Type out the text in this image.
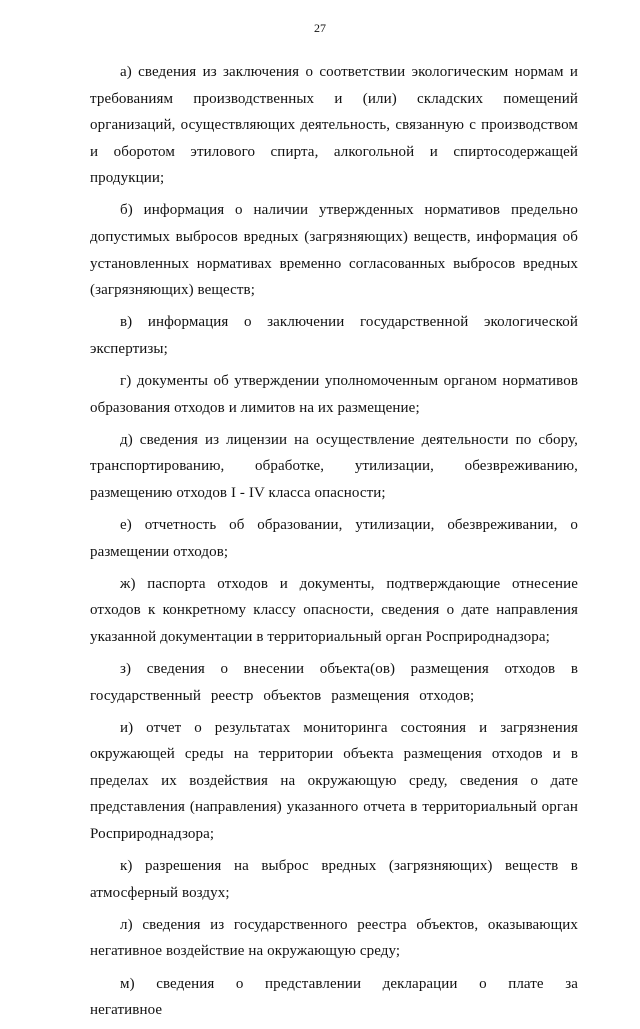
27

а) сведения из заключения о соответствии экологическим нормам и требованиям производственных и (или) складских помещений организаций, осуществляющих деятельность, связанную с производством и оборотом этилового спирта, алкогольной и спиртосодержащей продукции;

б) информация о наличии утвержденных нормативов предельно допустимых выбросов вредных (загрязняющих) веществ, информация об установленных нормативах временно согласованных выбросов вредных (загрязняющих) веществ;

в) информация о заключении государственной экологической экспертизы;

г) документы об утверждении уполномоченным органом нормативов образования отходов и лимитов на их размещение;

д) сведения из лицензии на осуществление деятельности по сбору, транспортированию, обработке, утилизации, обезвреживанию, размещению отходов I - IV класса опасности;

е) отчетность об образовании, утилизации, обезвреживании, о размещении отходов;

ж) паспорта отходов и документы, подтверждающие отнесение отходов к конкретному классу опасности, сведения о дате направления указанной документации в территориальный орган Росприроднадзора;

з) сведения о внесении объекта(ов) размещения отходов в государственный реестр объектов размещения отходов;

и) отчет о результатах мониторинга состояния и загрязнения окружающей среды на территории объекта размещения отходов и в пределах их воздействия на окружающую среду, сведения о дате представления (направления) указанного отчета в территориальный орган Росприроднадзора;

к) разрешения на выброс вредных (загрязняющих) веществ в атмосферный воздух;

л) сведения из государственного реестра объектов, оказывающих негативное воздействие на окружающую среду;

м) сведения о представлении декларации о плате за негативное
